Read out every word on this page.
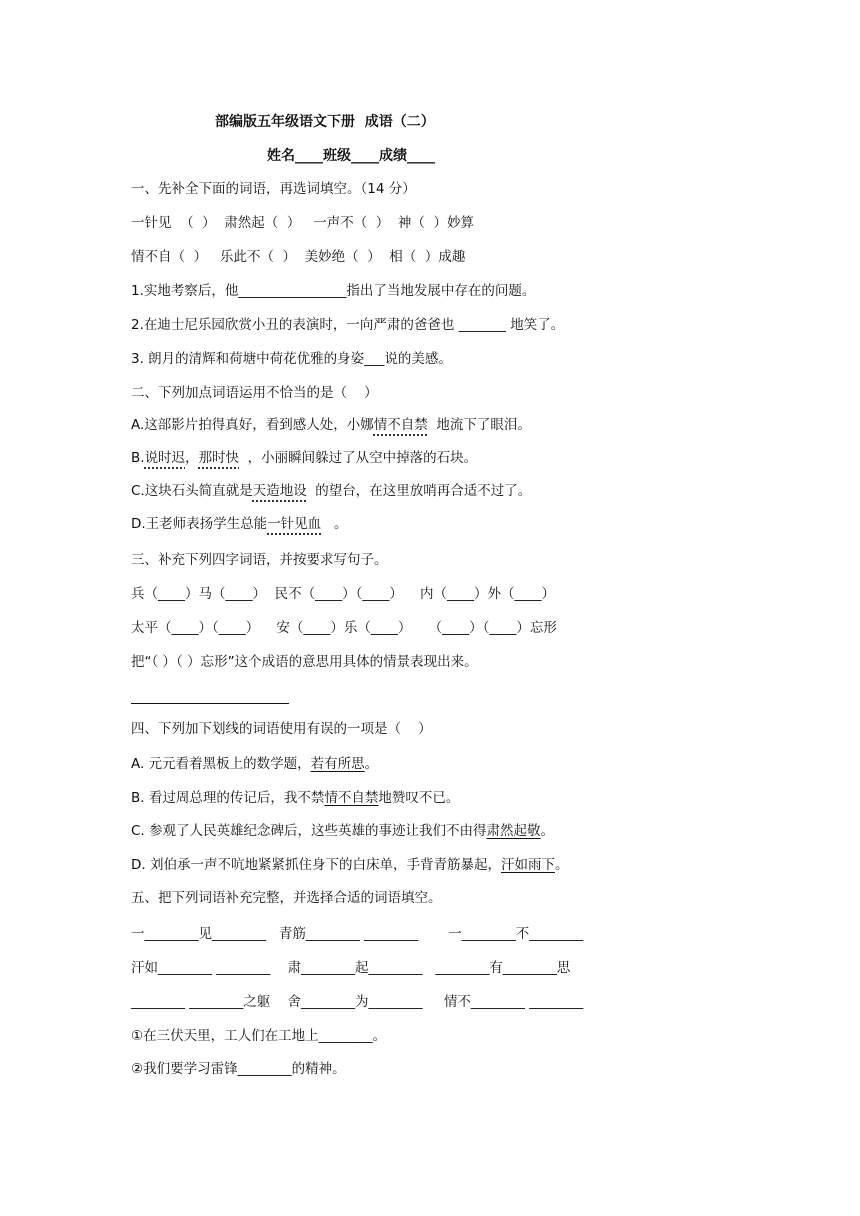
部编版五年级语文下册  成语（二）
姓名____班级____成绩____
一、先补全下面的词语，再选词填空。（14 分）
一针见  （  ）  肃然起（  ）   一声不（  ）  神（  ）妙算
情不自（  ）   乐此不（  ）  美妙绝（  ）  相（  ）成趣
1.实地考察后，他________________指出了当地发展中存在的问题。
2.在迪士尼乐园欣赏小丑的表演时，一向严肃的爸爸也 _______ 地笑了。
3. 朗月的清辉和荷塘中荷花优雅的身姿___说的美感。
二、下列加点词语运用不恰当的是（    ）
A.这部影片拍得真好，看到感人处，小娜情不自禁  地流下了眼泪。
B.说时迟，那时快  ，小丽瞬间躲过了从空中掉落的石块。
C.这块石头简直就是天造地设  的望台，在这里放哨再合适不过了。
D.王老师表扬学生总能一针见血   。
三、补充下列四字词语，并按要求写句子。
兵（____）马（____）  民不（____）（____）    内（____）外（____）
太平（____）（____）    安（____）乐（____）    （____）（____）忘形
把“（ ）（ ）忘形”这个成语的意思用具体的情景表现出来。
四、下列加下划线的词语使用有误的一项是（    ）
A. 元元看着黑板上的数学题，若有所思。
B. 看过周总理的传记后，我不禁情不自禁地赞叹不已。
C. 参观了人民英雄纪念碑后，这些英雄的事迹让我们不由得肃然起敬。
D. 刘伯承一声不吭地紧紧抓住身下的白床单，手背青筋暴起，汗如雨下。
五、把下列词语补充完整，并选择合适的词语填空。
一________见________   青筋________ ________       一________不________
汗如________ ________    肃________起________   ________有________思
________ ________之躯    舍________为________     情不________ ________
①在三伏天里，工人们在工地上________。
②我们要学习雷锋________的精神。
